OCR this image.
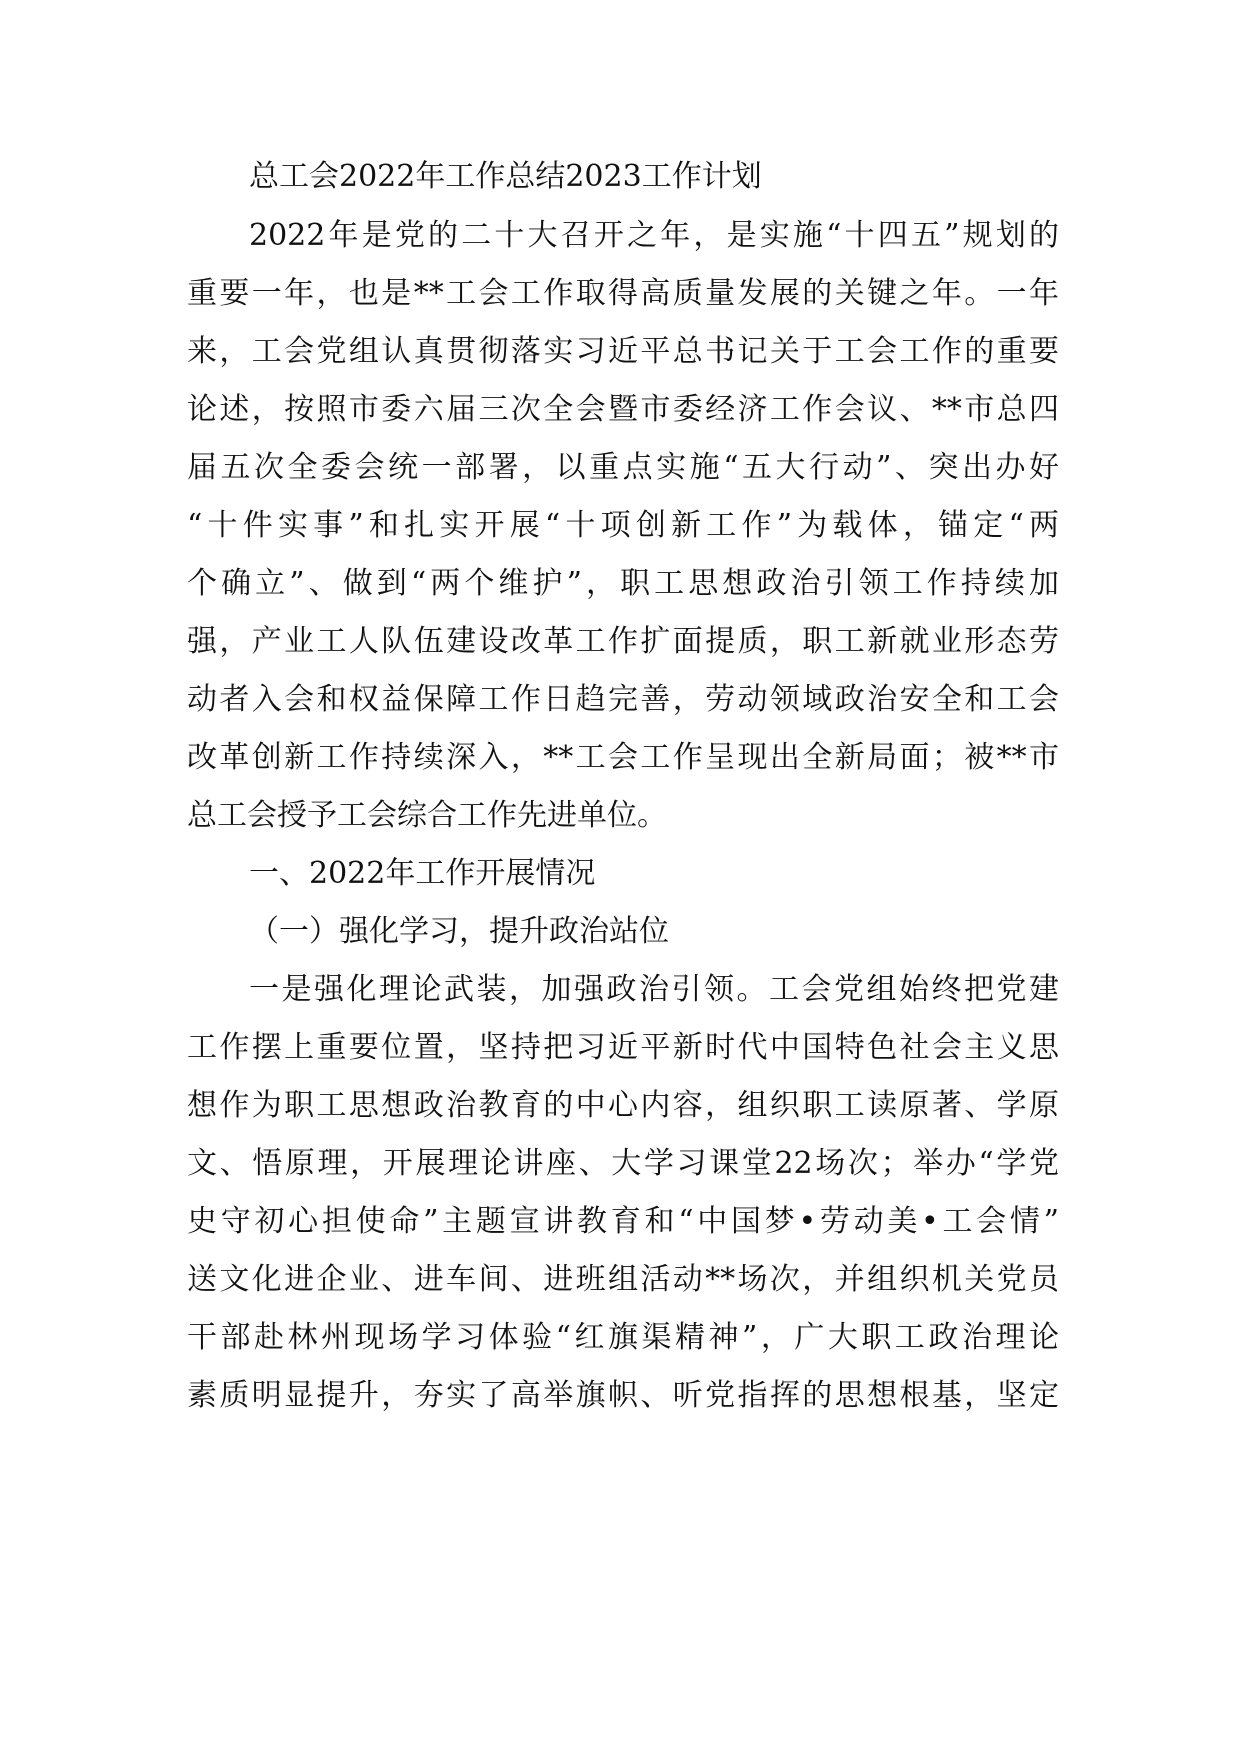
总工会2022年工作总结2023工作计划
2022年是党的二十大召开之年，是实施“十四五”规划的
重要一年，也是**工会工作取得高质量发展的关键之年。一年
来，工会党组认真贯彻落实习近平总书记关于工会工作的重要
论述，按照市委六届三次全会暨市委经济工作会议、**市总四
届五次全委会统一部署，以重点实施“五大行动”、突出办好
“十件实事”和扎实开展“十项创新工作”为载体，锚定“两
个确立”、做到“两个维护”，职工思想政治引领工作持续加
强，产业工人队伍建设改革工作扩面提质，职工新就业形态劳
动者入会和权益保障工作日趋完善，劳动领域政治安全和工会
改革创新工作持续深入，**工会工作呈现出全新局面；被**市
总工会授予工会综合工作先进单位。
一、2022年工作开展情况
（一）强化学习，提升政治站位
一是强化理论武装，加强政治引领。工会党组始终把党建
工作摆上重要位置，坚持把习近平新时代中国特色社会主义思
想作为职工思想政治教育的中心内容，组织职工读原著、学原
文、悟原理，开展理论讲座、大学习课堂22场次；举办“学党
史守初心担使命”主题宣讲教育和“中国梦•劳动美•工会情”
送文化进企业、进车间、进班组活动**场次，并组织机关党员
干部赴林州现场学习体验“红旗渠精神”，广大职工政治理论
素质明显提升，夯实了高举旗帜、听党指挥的思想根基，坚定
